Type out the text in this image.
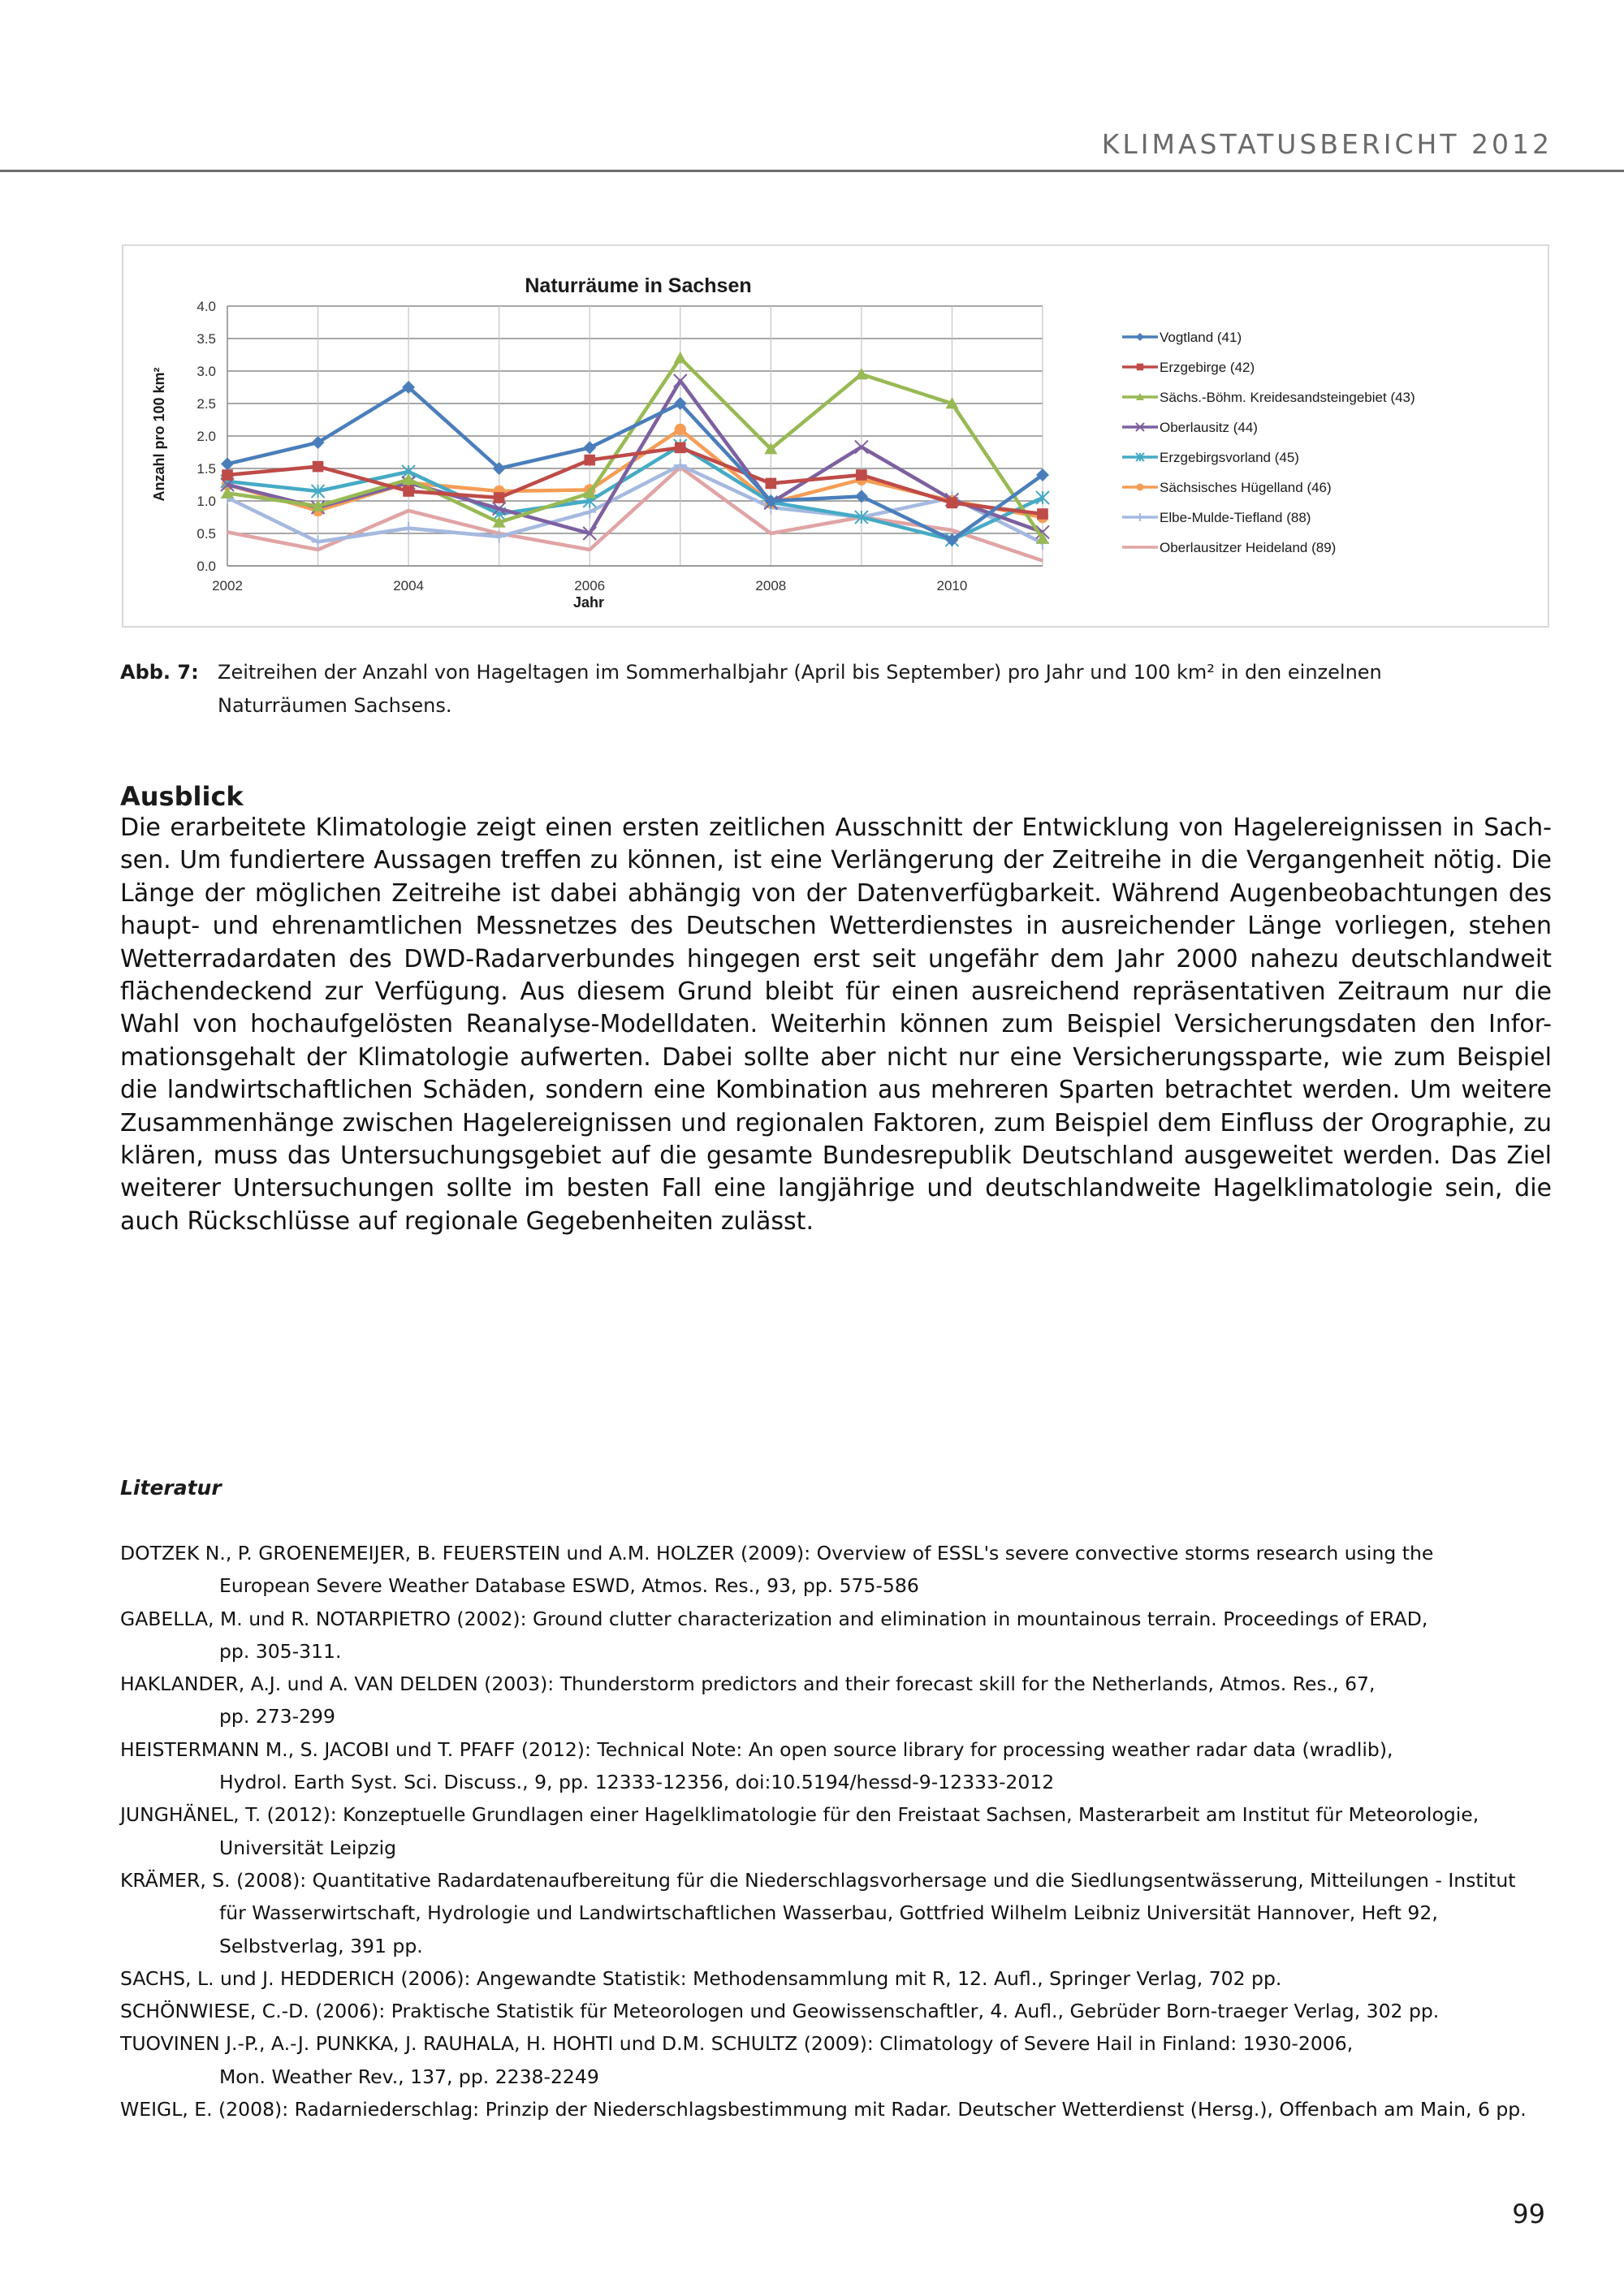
KLIMASTATUSBERICHT 2012
Naturräume in Sachsen
Anzahl pro 100 km²
Jahr
0.0
0.5
1.0
1.5
2.0
2.5
3.0
3.5
4.0
2002	2004	2006	2008	2010
Vogtland (41)
Erzgebirge (42)
Sächs.-Böhm. Kreidesandsteingebiet (43)
Oberlausitz (44)
Erzgebirgsvorland (45)
Sächsisches Hügelland (46)
Elbe-Mulde-Tiefland (88)
Oberlausitzer Heideland (89)
Abb. 7: Zeitreihen der Anzahl von Hageltagen im Sommerhalbjahr (April bis September) pro Jahr und 100 km² in den einzelnen
Naturräumen Sachsens.
Ausblick
Die erarbeitete Klimatologie zeigt einen ersten zeitlichen Ausschnitt der Entwicklung von Hagelereignissen in Sach-
sen. Um fundiertere Aussagen treffen zu können, ist eine Verlängerung der Zeitreihe in die Vergangenheit nötig. Die
Länge der möglichen Zeitreihe ist dabei abhängig von der Datenverfügbarkeit. Während Augenbeobachtungen des
haupt- und ehrenamtlichen Messnetzes des Deutschen Wetterdienstes in ausreichender Länge vorliegen, stehen
Wetterradardaten des DWD-Radarverbundes hingegen erst seit ungefähr dem Jahr 2000 nahezu deutschlandweit
flächendeckend zur Verfügung. Aus diesem Grund bleibt für einen ausreichend repräsentativen Zeitraum nur die
Wahl von hochaufgelösten Reanalyse-Modelldaten. Weiterhin können zum Beispiel Versicherungsdaten den Infor-
mationsgehalt der Klimatologie aufwerten. Dabei sollte aber nicht nur eine Versicherungssparte, wie zum Beispiel
die landwirtschaftlichen Schäden, sondern eine Kombination aus mehreren Sparten betrachtet werden. Um weitere
Zusammenhänge zwischen Hagelereignissen und regionalen Faktoren, zum Beispiel dem Einfluss der Orographie, zu
klären, muss das Untersuchungsgebiet auf die gesamte Bundesrepublik Deutschland ausgeweitet werden. Das Ziel
weiterer Untersuchungen sollte im besten Fall eine langjährige und deutschlandweite Hagelklimatologie sein, die
auch Rückschlüsse auf regionale Gegebenheiten zulässt.
Literatur
DOTZEK N., P. GROENEMEIJER, B. FEUERSTEIN und A.M. HOLZER (2009): Overview of ESSL's severe convective storms research using the
European Severe Weather Database ESWD, Atmos. Res., 93, pp. 575-586
GABELLA, M. und R. NOTARPIETRO (2002): Ground clutter characterization and elimination in mountainous terrain. Proceedings of ERAD,
pp. 305-311.
HAKLANDER, A.J. und A. VAN DELDEN (2003): Thunderstorm predictors and their forecast skill for the Netherlands, Atmos. Res., 67,
pp. 273-299
HEISTERMANN M., S. JACOBI und T. PFAFF (2012): Technical Note: An open source library for processing weather radar data (wradlib),
Hydrol. Earth Syst. Sci. Discuss., 9, pp. 12333-12356, doi:10.5194/hessd-9-12333-2012
JUNGHÄNEL, T. (2012): Konzeptuelle Grundlagen einer Hagelklimatologie für den Freistaat Sachsen, Masterarbeit am Institut für Meteorologie,
Universität Leipzig
KRÄMER, S. (2008): Quantitative Radardatenaufbereitung für die Niederschlagsvorhersage und die Siedlungsentwässerung, Mitteilungen - Institut
für Wasserwirtschaft, Hydrologie und Landwirtschaftlichen Wasserbau, Gottfried Wilhelm Leibniz Universität Hannover, Heft 92,
Selbstverlag, 391 pp.
SACHS, L. und J. HEDDERICH (2006): Angewandte Statistik: Methodensammlung mit R, 12. Aufl., Springer Verlag, 702 pp.
SCHÖNWIESE, C.-D. (2006): Praktische Statistik für Meteorologen und Geowissenschaftler, 4. Aufl., Gebrüder Born-traeger Verlag, 302 pp.
TUOVINEN J.-P., A.-J. PUNKKA, J. RAUHALA, H. HOHTI und D.M. SCHULTZ (2009): Climatology of Severe Hail in Finland: 1930-2006,
Mon. Weather Rev., 137, pp. 2238-2249
WEIGL, E. (2008): Radarniederschlag: Prinzip der Niederschlagsbestimmung mit Radar. Deutscher Wetterdienst (Hersg.), Offenbach am Main, 6 pp.
99
